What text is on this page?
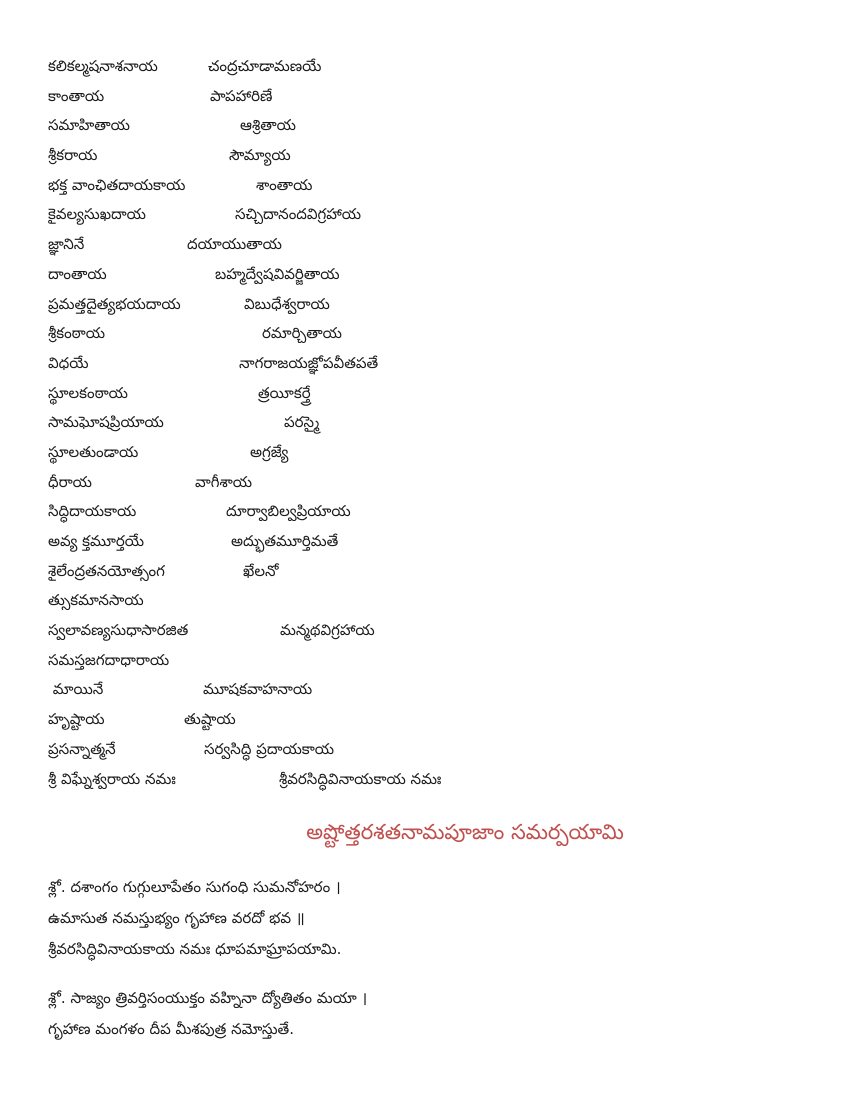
కలికల్మషనాశనాయ	చంద్రచూడామణయే
కాంతాయ	పాపహారిణే
సమాహితాయ	ఆశ్రితాయ
శ్రీకరాయ	సౌమ్యాయ
భక్త వాంఛితదాయకాయ	శాంతాయ
కైవల్యసుఖదాయ	సచ్చిదానందవిగ్రహాయ
జ్ఞానినే	దయాయుతాయ
దాంతాయ	బహ్మద్వేషవివర్జితాయ
ప్రమత్తదైత్యభయదాయ	విబుధేశ్వరాయ
శ్రీకంఠాయ	రమార్చితాయ
విధయే	నాగరాజయజ్ఞోపవీతపతే
స్థూలకంఠాయ	త్రయీకర్త్రే
సామఘోషప్రియాయ	పరస్మై
స్థూలతుండాయ	అగ్రజ్యే
ధీరాయ	వాగీశాయ
సిద్ధిదాయకాయ	దూర్వాబిల్వప్రియాయ
అవ్య క్తమూర్తయే	అద్భుతమూర్తిమతే
శైలేంద్రతనయోత్సంగ	ఖేలనో
త్సుకమానసాయ
స్వలావణ్యసుధాసారజిత	మన్మథవిగ్రహాయ
సమస్తజగదాధారాయ
మాయినే	మూషకవాహనాయ
హృష్టాయ	తుష్టాయ
ప్రసన్నాత్మనే	సర్వసిద్ధి ప్రదాయకాయ
శ్రీ విఘ్నేశ్వరాయ నమః	శ్రీవరసిద్ధివినాయకాయ నమః
అష్టోత్తరశతనామపూజాం సమర్పయామి
శ్లో. దశాంగం గుగ్గులూపేతం సుగంధి సుమనోహరం ।
ఉమాసుత నమస్తుభ్యం గృహాణ వరదో భవ ॥
శ్రీవరసిద్ధివినాయకాయ నమః ధూపమాఘ్రాపయామి.
శ్లో. సాజ్యం త్రివర్తిసంయుక్తం వహ్నినా ద్యోతితం మయా ।
గృహాణ మంగళం దీప మీశపుత్ర నమోస్తుతే.
